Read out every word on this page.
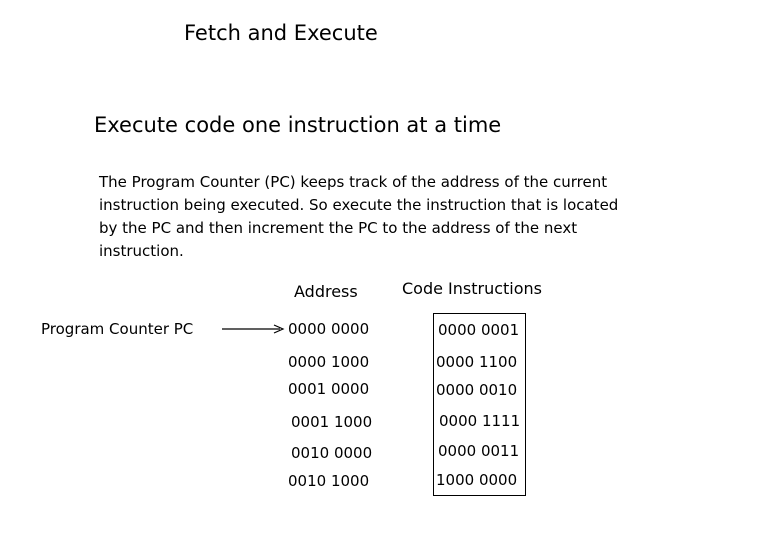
Fetch and Execute
Execute code one instruction at a time
The Program Counter (PC) keeps track of the address of the current
instruction being executed. So execute the instruction that is located
by the PC and then increment the PC to the address of the next
instruction.
Address	Code Instructions
Program Counter PC	0000 0000
0000 1000
0001 0000
0001 1000
0010 0000
0010 1000
0000 0001
0000 1100
0000 0010
0000 1111
0000 0011
1000 0000
